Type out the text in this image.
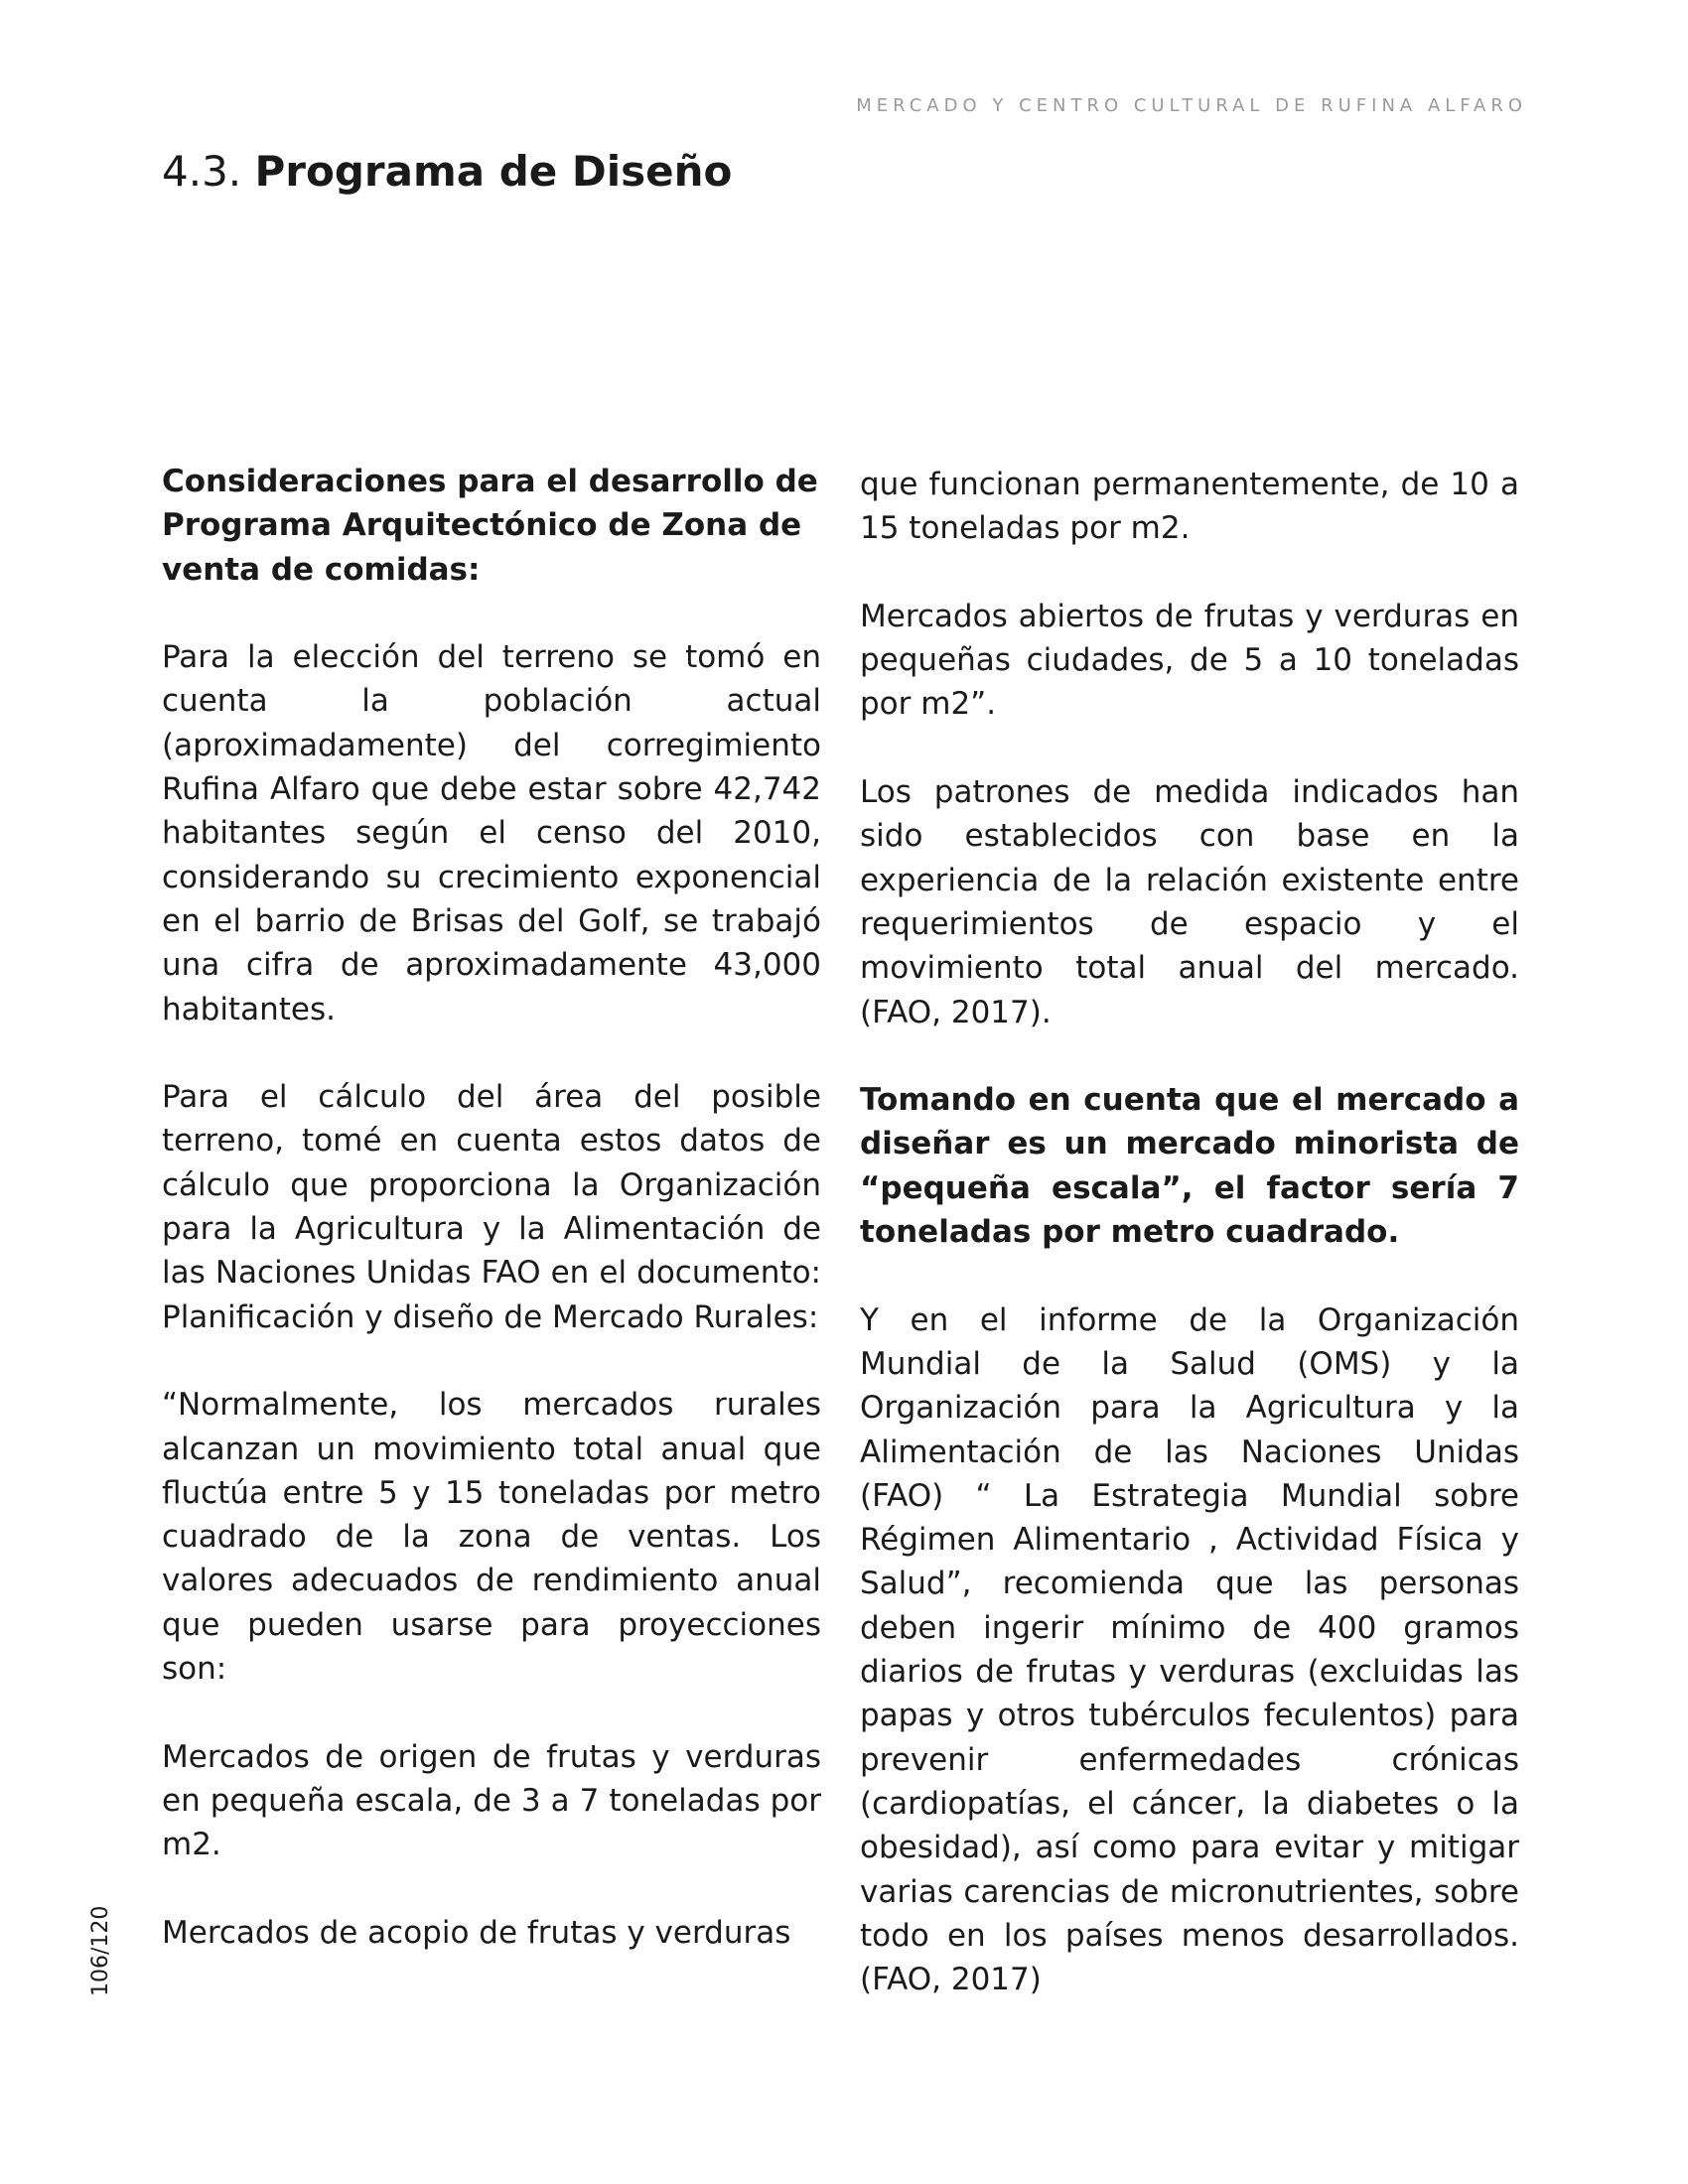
MERCADO Y CENTRO CULTURAL DE RUFINA ALFARO
4.3. Programa de Diseño

Consideraciones para el desarrollo de Programa Arquitectónico de Zona de venta de comidas:

Para la elección del terreno se tomó en cuenta la población actual (aproximadamente) del corregimiento Rufina Alfaro que debe estar sobre 42,742 habitantes según el censo del 2010, considerando su crecimiento exponencial en el barrio de Brisas del Golf, se trabajó una cifra de aproximadamente 43,000 habitantes.

Para el cálculo del área del posible terreno, tomé en cuenta estos datos de cálculo que proporciona la Organización para la Agricultura y la Alimentación de las Naciones Unidas FAO en el documento: Planificación y diseño de Mercado Rurales:

“Normalmente, los mercados rurales alcanzan un movimiento total anual que fluctúa entre 5 y 15 toneladas por metro cuadrado de la zona de ventas. Los valores adecuados de rendimiento anual que pueden usarse para proyecciones son:

Mercados de origen de frutas y verduras en pequeña escala, de 3 a 7 toneladas por m2.

Mercados de acopio de frutas y verduras

que funcionan permanentemente, de 10 a 15 toneladas por m2.

Mercados abiertos de frutas y verduras en pequeñas ciudades, de 5 a 10 toneladas por m2”.

Los patrones de medida indicados han sido establecidos con base en la experiencia de la relación existente entre requerimientos de espacio y el movimiento total anual del mercado. (FAO, 2017).

Tomando en cuenta que el mercado a diseñar es un mercado minorista de “pequeña escala”, el factor sería 7 toneladas por metro cuadrado.

Y en el informe de la Organización Mundial de la Salud (OMS) y la Organización para la Agricultura y la Alimentación de las Naciones Unidas (FAO) “ La Estrategia Mundial sobre Régimen Alimentario , Actividad Física y Salud”, recomienda que las personas deben ingerir mínimo de 400 gramos diarios de frutas y verduras (excluidas las papas y otros tubérculos feculentos) para prevenir enfermedades crónicas (cardiopatías, el cáncer, la diabetes o la obesidad), así como para evitar y mitigar varias carencias de micronutrientes, sobre todo en los países menos desarrollados. (FAO, 2017)

106/120
